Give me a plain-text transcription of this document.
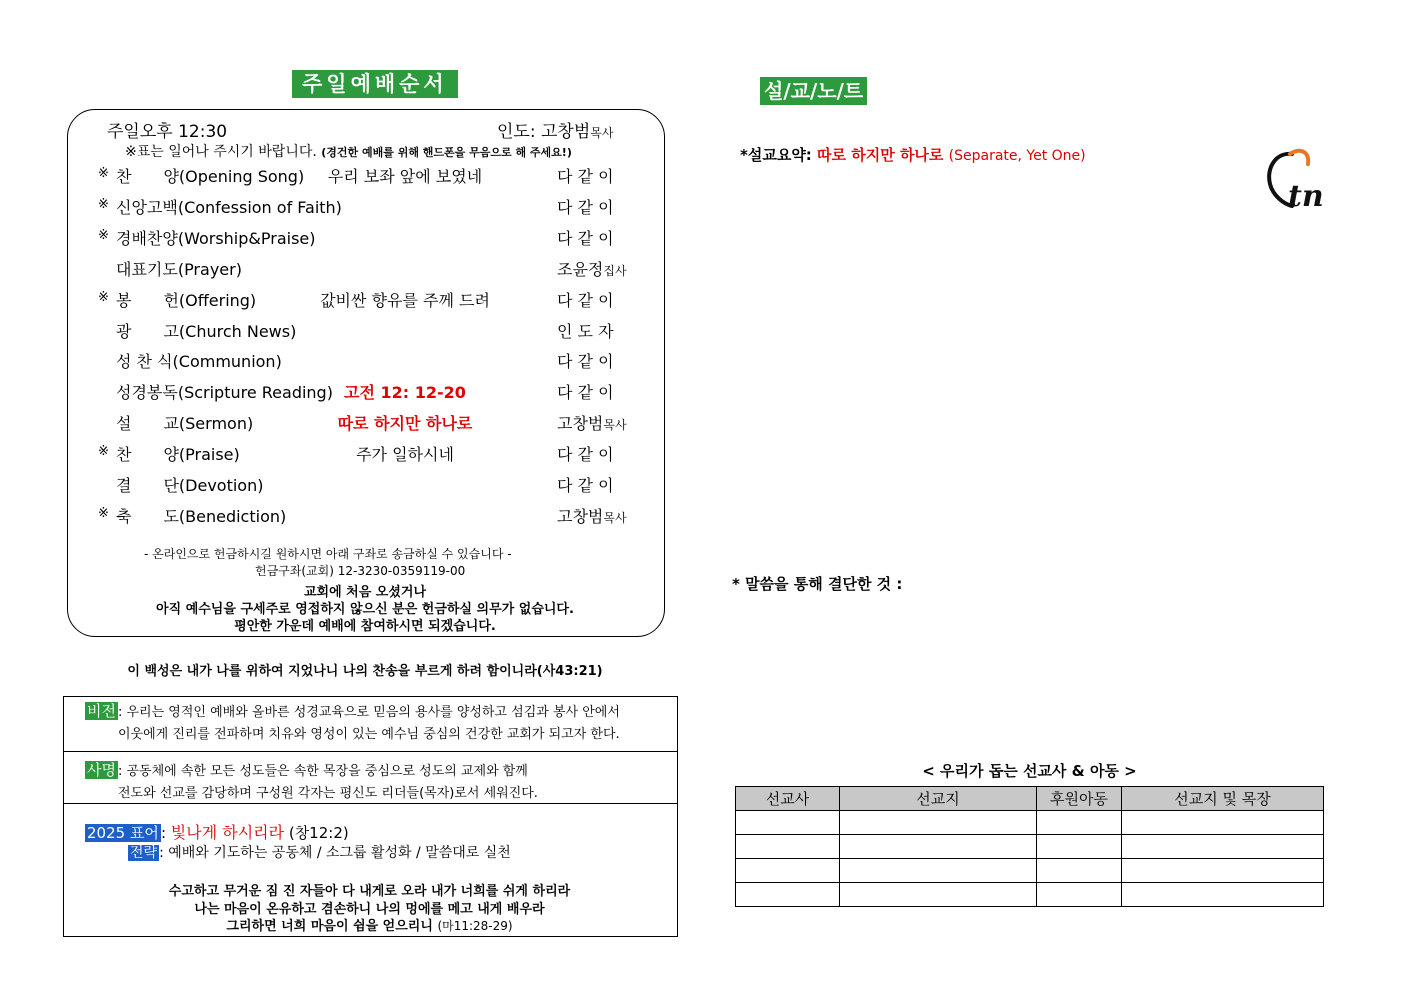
주일예배순서
주일오후 12:30	인도: 고창범목사
※표는 일어나 주시기 바랍니다. (경건한 예배를 위해 핸드폰을 무음으로 해 주세요!)
※ 찬　　양(Opening Song)	우리 보좌 앞에 보였네	다 같 이
※ 신앙고백(Confession of Faith)	다 같 이
※ 경배찬양(Worship&Praise)	다 같 이
대표기도(Prayer)	조윤정집사
※ 봉　　헌(Offering)	값비싼 향유를 주께 드려	다 같 이
광　　고(Church News)	인 도 자
성 찬 식(Communion)	다 같 이
성경봉독(Scripture Reading) 고전 12: 12-20	다 같 이
설　　교(Sermon)	따로 하지만 하나로	고창범목사
※ 찬　　양(Praise)	주가 일하시네	다 같 이
결　　단(Devotion)	다 같 이
※ 축　　도(Benediction)	고창범목사
- 온라인으로 헌금하시길 원하시면 아래 구좌로 송금하실 수 있습니다 -
헌금구좌(교회) 12-3230-0359119-00
교회에 처음 오셨거나
아직 예수님을 구세주로 영접하지 않으신 분은 헌금하실 의무가 없습니다.
평안한 가운데 예배에 참여하시면 되겠습니다.
이 백성은 내가 나를 위하여 지었나니 나의 찬송을 부르게 하려 함이니라(사43:21)
비전 : 우리는 영적인 예배와 올바른 성경교육으로 믿음의 용사를 양성하고 섬김과 봉사 안에서
이웃에게 진리를 전파하며 치유와 영성이 있는 예수님 중심의 건강한 교회가 되고자 한다.
사명 : 공동체에 속한 모든 성도들은 속한 목장을 중심으로 성도의 교제와 함께
전도와 선교를 감당하며 구성원 각자는 평신도 리더들(목자)로서 세워진다.
2025 표어 : 빛나게 하시리라 (창12:2)
전략 : 예배와 기도하는 공동체 / 소그룹 활성화 / 말씀대로 실천
수고하고 무거운 짐 진 자들아 다 내게로 오라 내가 너희를 쉬게 하리라
나는 마음이 온유하고 겸손하니 나의 멍에를 메고 내게 배우라
그리하면 너희 마음이 쉼을 얻으리니 (마11:28-29)
설/교/노/트
*설교요약: 따로 하지만 하나로 (Separate, Yet One)
tn
* 말씀을 통해 결단한 것 :
< 우리가 돕는 선교사 & 아동 >
선교사	선교지	후원아동	선교지 및 목장
